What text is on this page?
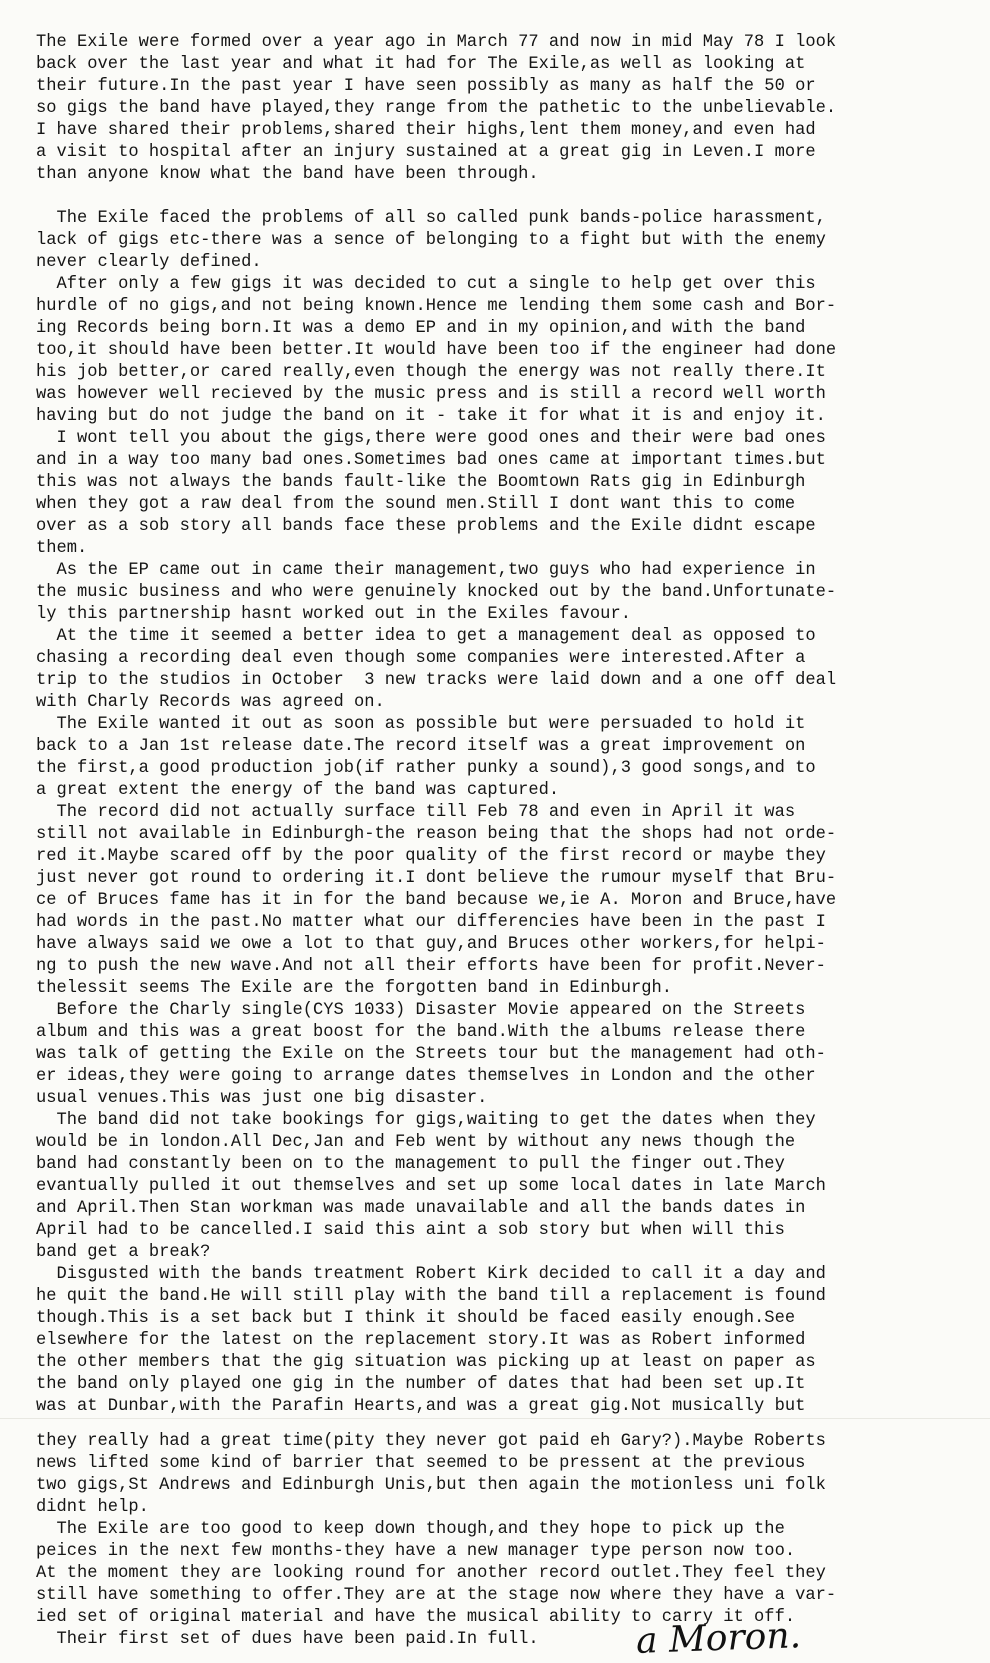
The Exile were formed over a year ago in March 77 and now in mid May 78 I look
back over the last year and what it had for The Exile,as well as looking at
their future.In the past year I have seen possibly as many as half the 50 or
so gigs the band have played,they range from the pathetic to the unbelievable.
I have shared their problems,shared their highs,lent them money,and even had
a visit to hospital after an injury sustained at a great gig in Leven.I more
than anyone know what the band have been through.
The Exile faced the problems of all so called punk bands-police harassment,
lack of gigs etc-there was a sence of belonging to a fight but with the enemy
never clearly defined.
After only a few gigs it was decided to cut a single to help get over this
hurdle of no gigs,and not being known.Hence me lending them some cash and Bor-
ing Records being born.It was a demo EP and in my opinion,and with the band
too,it should have been better.It would have been too if the engineer had done
his job better,or cared really,even though the energy was not really there.It
was however well recieved by the music press and is still a record well worth
having but do not judge the band on it - take it for what it is and enjoy it.
I wont tell you about the gigs,there were good ones and their were bad ones
and in a way too many bad ones.Sometimes bad ones came at important times.but
this was not always the bands fault-like the Boomtown Rats gig in Edinburgh
when they got a raw deal from the sound men.Still I dont want this to come
over as a sob story all bands face these problems and the Exile didnt escape
them.
As the EP came out in came their management,two guys who had experience in
the music business and who were genuinely knocked out by the band.Unfortunate-
ly this partnership hasnt worked out in the Exiles favour.
At the time it seemed a better idea to get a management deal as opposed to
chasing a recording deal even though some companies were interested.After a
trip to the studios in October  3 new tracks were laid down and a one off deal
with Charly Records was agreed on.
The Exile wanted it out as soon as possible but were persuaded to hold it
back to a Jan 1st release date.The record itself was a great improvement on
the first,a good production job(if rather punky a sound),3 good songs,and to
a great extent the energy of the band was captured.
The record did not actually surface till Feb 78 and even in April it was
still not available in Edinburgh-the reason being that the shops had not orde-
red it.Maybe scared off by the poor quality of the first record or maybe they
just never got round to ordering it.I dont believe the rumour myself that Bru-
ce of Bruces fame has it in for the band because we,ie A. Moron and Bruce,have
had words in the past.No matter what our differencies have been in the past I
have always said we owe a lot to that guy,and Bruces other workers,for helpi-
ng to push the new wave.And not all their efforts have been for profit.Never-
thelessit seems The Exile are the forgotten band in Edinburgh.
Before the Charly single(CYS 1033) Disaster Movie appeared on the Streets
album and this was a great boost for the band.With the albums release there
was talk of getting the Exile on the Streets tour but the management had oth-
er ideas,they were going to arrange dates themselves in London and the other
usual venues.This was just one big disaster.
The band did not take bookings for gigs,waiting to get the dates when they
would be in london.All Dec,Jan and Feb went by without any news though the
band had constantly been on to the management to pull the finger out.They
evantually pulled it out themselves and set up some local dates in late March
and April.Then Stan workman was made unavailable and all the bands dates in
April had to be cancelled.I said this aint a sob story but when will this
band get a break?
Disgusted with the bands treatment Robert Kirk decided to call it a day and
he quit the band.He will still play with the band till a replacement is found
though.This is a set back but I think it should be faced easily enough.See
elsewhere for the latest on the replacement story.It was as Robert informed
the other members that the gig situation was picking up at least on paper as
the band only played one gig in the number of dates that had been set up.It
was at Dunbar,with the Parafin Hearts,and was a great gig.Not musically but
they really had a great time(pity they never got paid eh Gary?).Maybe Roberts
news lifted some kind of barrier that seemed to be pressent at the previous
two gigs,St Andrews and Edinburgh Unis,but then again the motionless uni folk
didnt help.
The Exile are too good to keep down though,and they hope to pick up the
peices in the next few months-they have a new manager type person now too.
At the moment they are looking round for another record outlet.They feel they
still have something to offer.They are at the stage now where they have a var-
ied set of original material and have the musical ability to carry it off.
Their first set of dues have been paid.In full.	a Moron.
